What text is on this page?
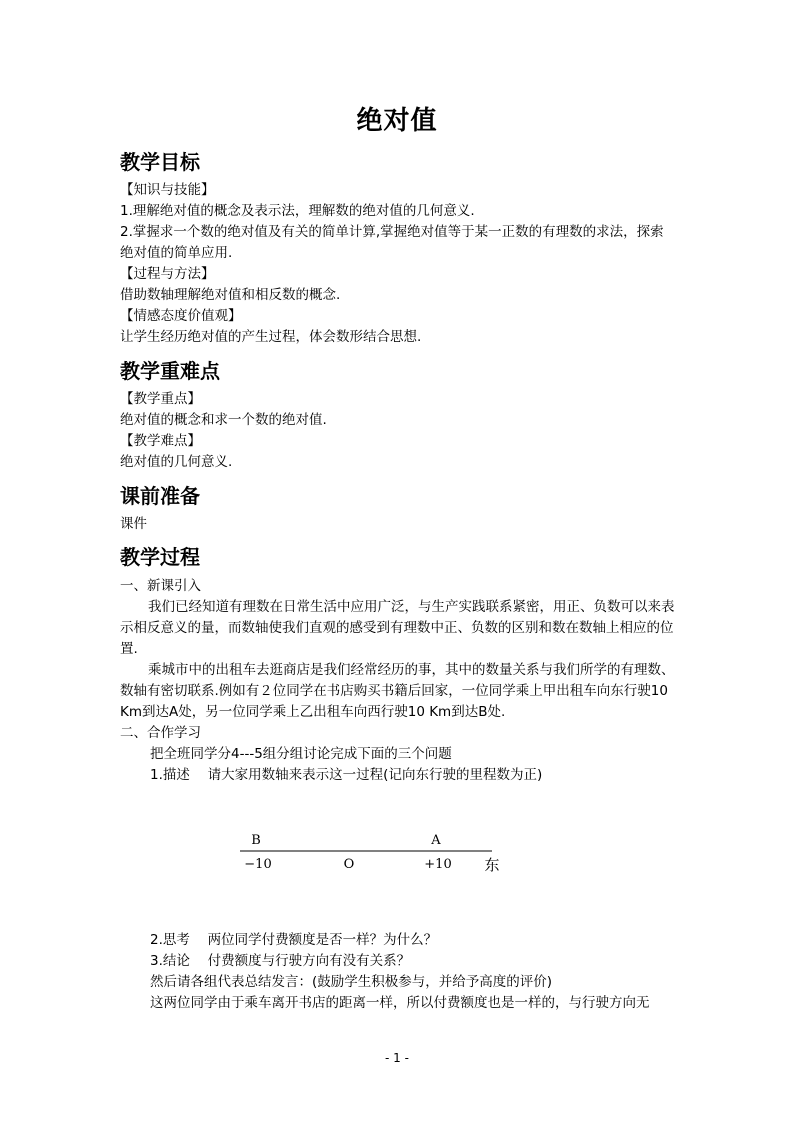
绝对值
教学目标
【知识与技能】
1.理解绝对值的概念及表示法，理解数的绝对值的几何意义.
2.掌握求一个数的绝对值及有关的简单计算,掌握绝对值等于某一正数的有理数的求法，探索绝对值的简单应用.
【过程与方法】
借助数轴理解绝对值和相反数的概念.
【情感态度价值观】
让学生经历绝对值的产生过程，体会数形结合思想.
教学重难点
【教学重点】
绝对值的概念和求一个数的绝对值.
【教学难点】
绝对值的几何意义.
课前准备
课件
教学过程
一、新课引入
我们已经知道有理数在日常生活中应用广泛，与生产实践联系紧密，用正、负数可以来表示相反意义的量，而数轴使我们直观的感受到有理数中正、负数的区别和数在数轴上相应的位置.
乘城市中的出租车去逛商店是我们经常经历的事，其中的数量关系与我们所学的有理数、数轴有密切联系.例如有２位同学在书店购买书籍后回家，一位同学乘上甲出租车向东行驶10 Km到达A处，另一位同学乘上乙出租车向西行驶10 Km到达B处.
二、合作学习
把全班同学分4---5组分组讨论完成下面的三个问题
1.描述　 请大家用数轴来表示这一过程(记向东行驶的里程数为正)
B	A
−10	O	+10 东
2.思考　 两位同学付费额度是否一样？为什么？
3.结论　 付费额度与行驶方向有没有关系？
然后请各组代表总结发言：(鼓励学生积极参与，并给予高度的评价)
这两位同学由于乘车离开书店的距离一样，所以付费额度也是一样的，与行驶方向无
- 1 -
